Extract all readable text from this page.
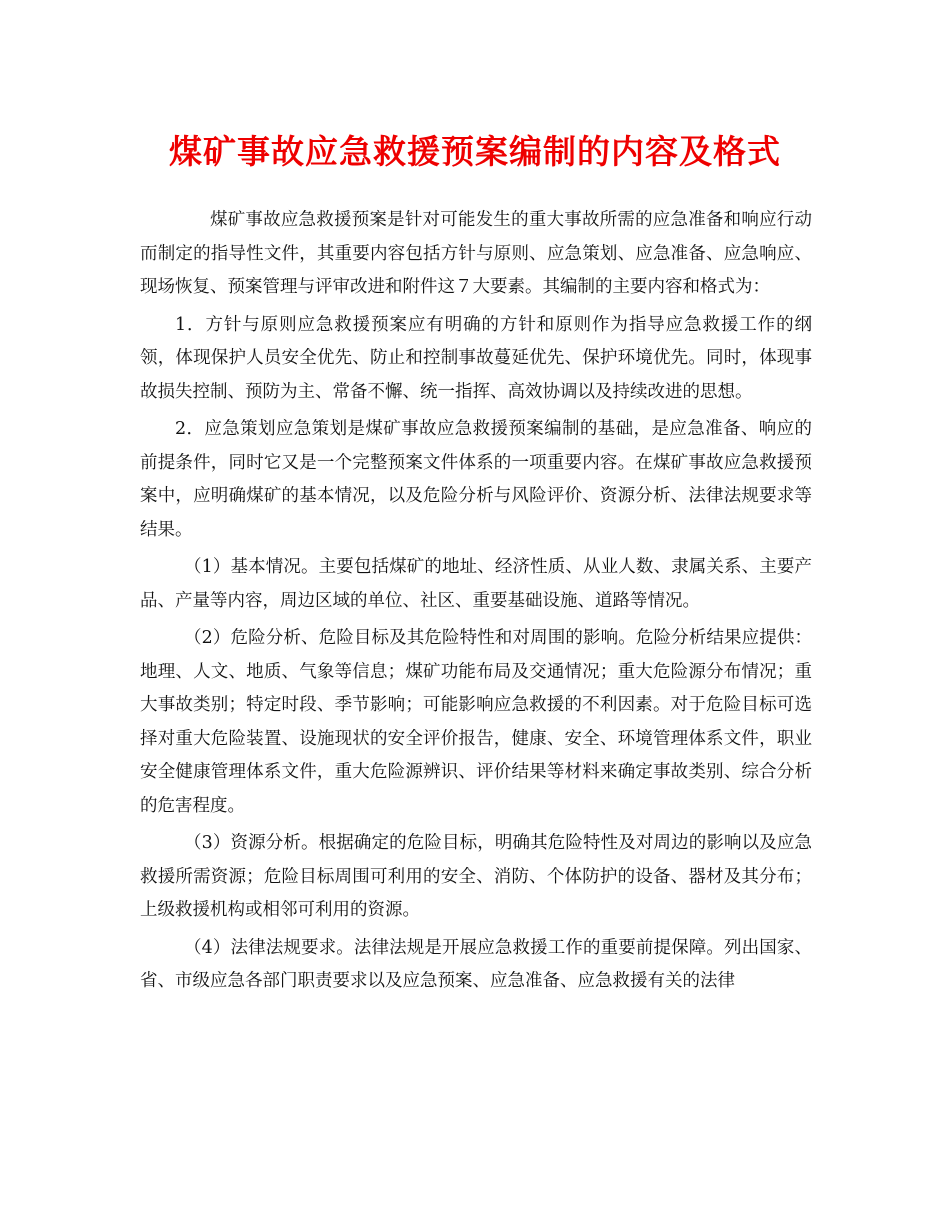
煤矿事故应急救援预案编制的内容及格式

煤矿事故应急救援预案是针对可能发生的重大事故所需的应急准备和响应行动而制定的指导性文件，其重要内容包括方针与原则、应急策划、应急准备、应急响应、现场恢复、预案管理与评审改进和附件这７大要素。其编制的主要内容和格式为：

1．方针与原则应急救援预案应有明确的方针和原则作为指导应急救援工作的纲领，体现保护人员安全优先、防止和控制事故蔓延优先、保护环境优先。同时，体现事故损失控制、预防为主、常备不懈、统一指挥、高效协调以及持续改进的思想。

2．应急策划应急策划是煤矿事故应急救援预案编制的基础，是应急准备、响应的前提条件，同时它又是一个完整预案文件体系的一项重要内容。在煤矿事故应急救援预案中，应明确煤矿的基本情况，以及危险分析与风险评价、资源分析、法律法规要求等结果。

（1）基本情况。主要包括煤矿的地址、经济性质、从业人数、隶属关系、主要产品、产量等内容，周边区域的单位、社区、重要基础设施、道路等情况。

（2）危险分析、危险目标及其危险特性和对周围的影响。危险分析结果应提供：地理、人文、地质、气象等信息；煤矿功能布局及交通情况；重大危险源分布情况；重大事故类别；特定时段、季节影响；可能影响应急救援的不利因素。对于危险目标可选择对重大危险装置、设施现状的安全评价报告，健康、安全、环境管理体系文件，职业安全健康管理体系文件，重大危险源辨识、评价结果等材料来确定事故类别、综合分析的危害程度。

（3）资源分析。根据确定的危险目标，明确其危险特性及对周边的影响以及应急救援所需资源；危险目标周围可利用的安全、消防、个体防护的设备、器材及其分布；上级救援机构或相邻可利用的资源。

（4）法律法规要求。法律法规是开展应急救援工作的重要前提保障。列出国家、省、市级应急各部门职责要求以及应急预案、应急准备、应急救援有关的法律
